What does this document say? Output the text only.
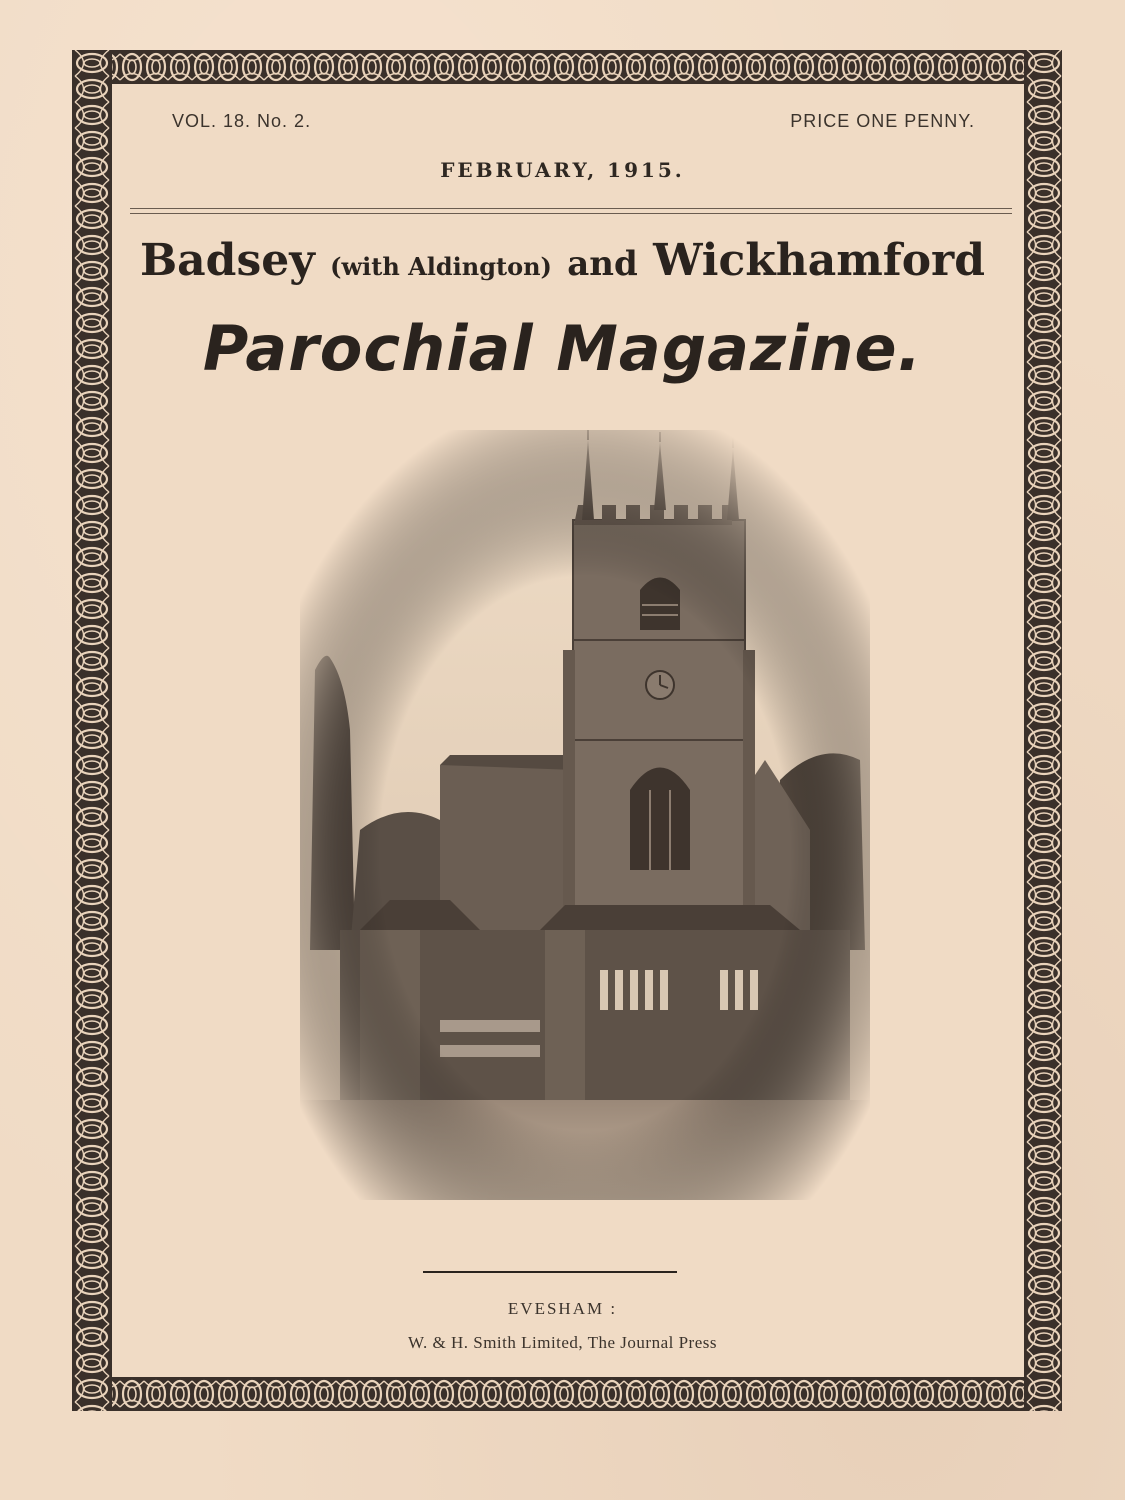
VOL. 18. No. 2.	PRICE ONE PENNY.
FEBRUARY, 1915.
Badsey (with Aldington) and Wickhamford
Parochial Magazine.
EVESHAM :
W. & H. Smith Limited, The Journal Press
